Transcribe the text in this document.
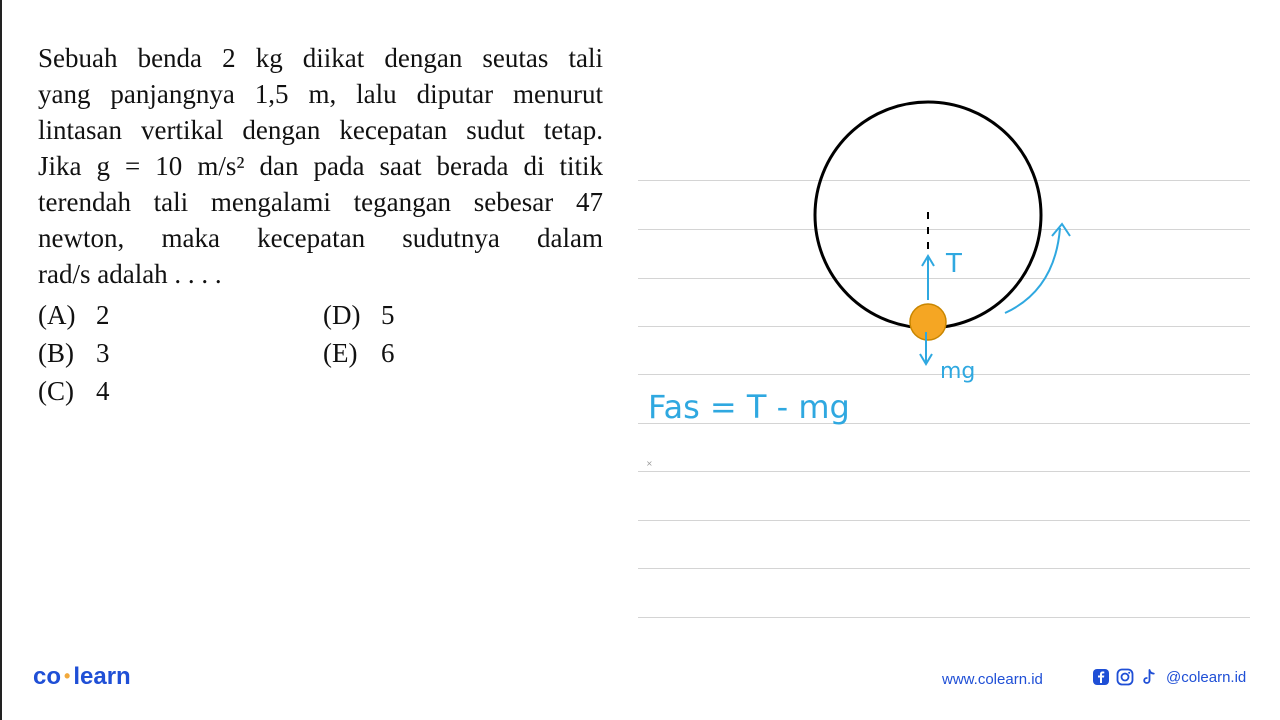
Sebuah benda 2 kg diikat dengan seutas tali
yang panjangnya 1,5 m, lalu diputar menurut
lintasan vertikal dengan kecepatan sudut tetap.
Jika g = 10 m/s² dan pada saat berada di titik
terendah tali mengalami tegangan sebesar 47
newton, maka kecepatan sudutnya dalam
rad/s adalah . . . .
(A) 2
(B) 3
(C) 4
(D) 5
(E) 6
T
mg
Fas = T - mg
×
co • learn	www.colearn.id	@colearn.id
